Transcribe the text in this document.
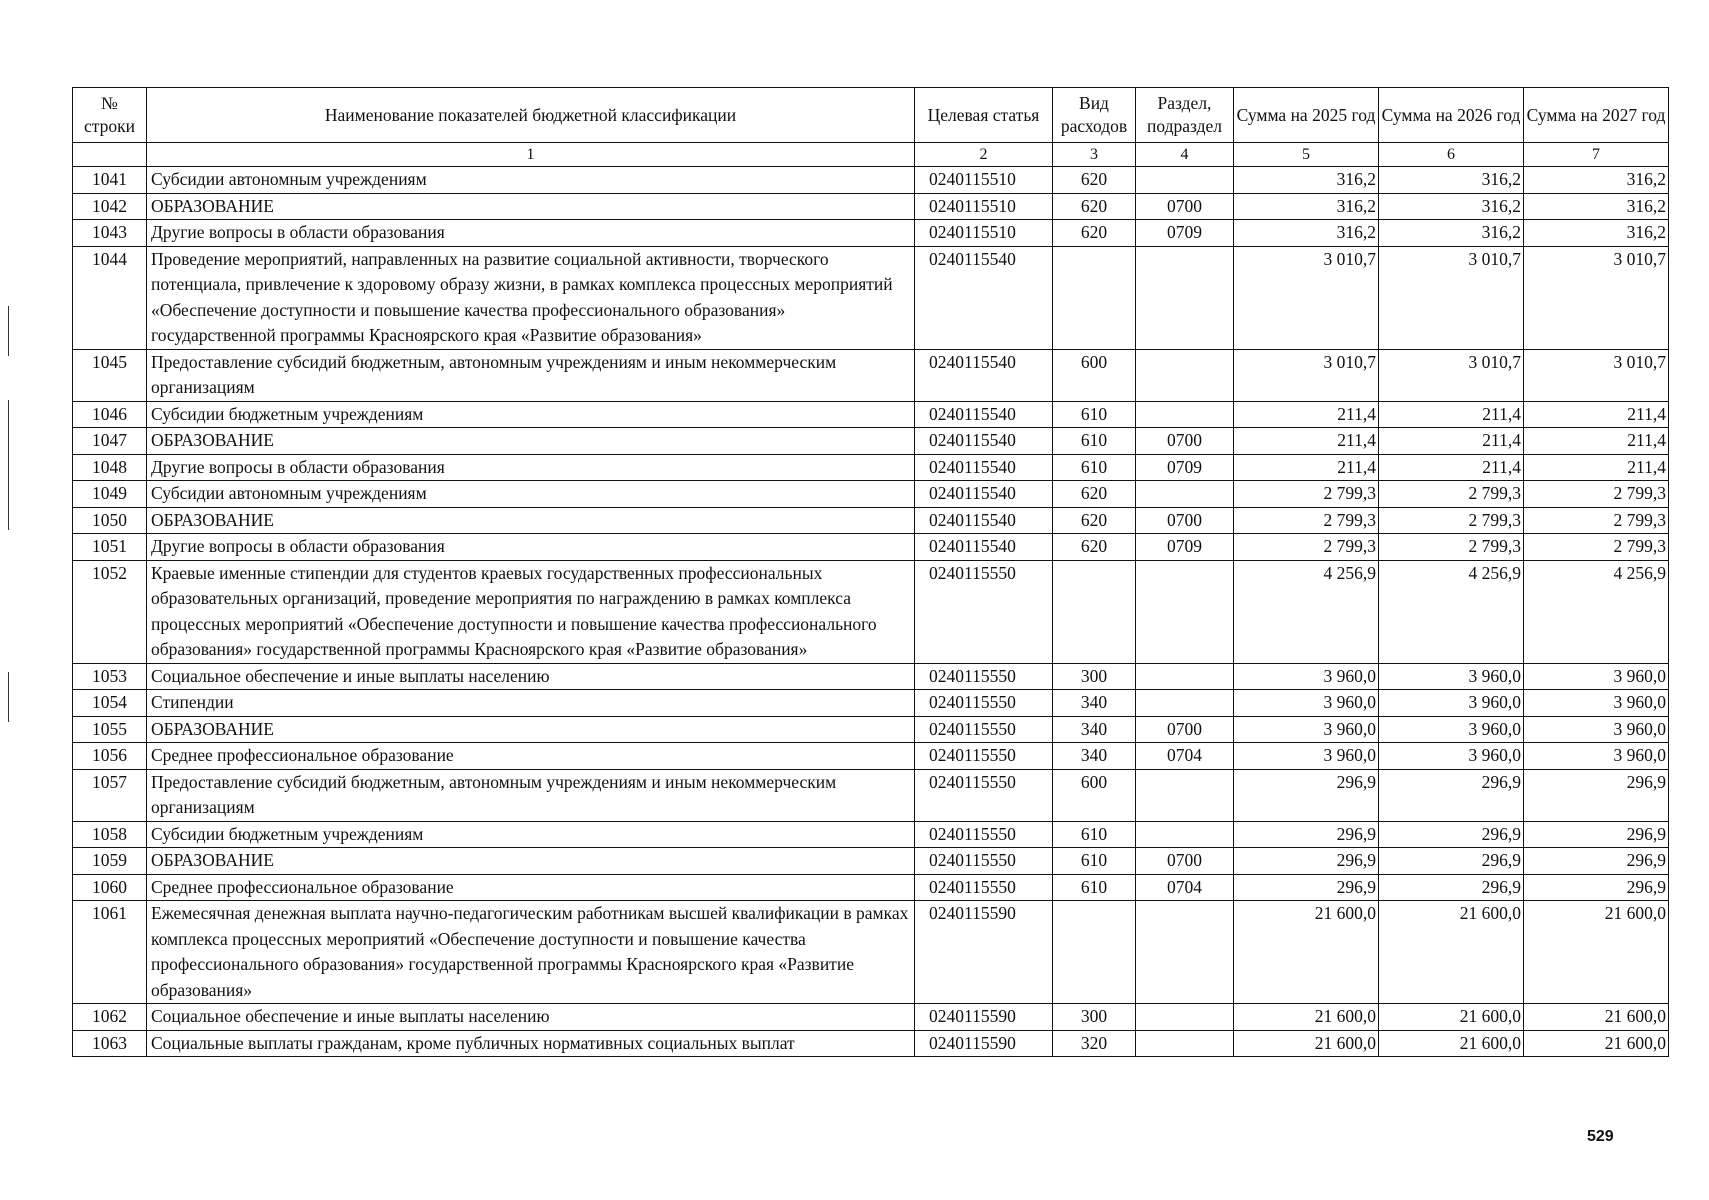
№ строки	Наименование показателей бюджетной классификации	Целевая статья	Вид расходов	Раздел, подраздел	Сумма на 2025 год	Сумма на 2026 год	Сумма на 2027 год
	1	2	3	4	5	6	7
1041	Субсидии автономным учреждениям	0240115510	620		316,2	316,2	316,2
1042	ОБРАЗОВАНИЕ	0240115510	620	0700	316,2	316,2	316,2
1043	Другие вопросы в области образования	0240115510	620	0709	316,2	316,2	316,2
1044	Проведение мероприятий, направленных на развитие социальной активности, творческого потенциала, привлечение к здоровому образу жизни, в рамках комплекса процессных мероприятий «Обеспечение доступности и повышение качества профессионального образования» государственной программы Красноярского края «Развитие образования»	0240115540			3 010,7	3 010,7	3 010,7
1045	Предоставление субсидий бюджетным, автономным учреждениям и иным некоммерческим организациям	0240115540	600		3 010,7	3 010,7	3 010,7
1046	Субсидии бюджетным учреждениям	0240115540	610		211,4	211,4	211,4
1047	ОБРАЗОВАНИЕ	0240115540	610	0700	211,4	211,4	211,4
1048	Другие вопросы в области образования	0240115540	610	0709	211,4	211,4	211,4
1049	Субсидии автономным учреждениям	0240115540	620		2 799,3	2 799,3	2 799,3
1050	ОБРАЗОВАНИЕ	0240115540	620	0700	2 799,3	2 799,3	2 799,3
1051	Другие вопросы в области образования	0240115540	620	0709	2 799,3	2 799,3	2 799,3
1052	Краевые именные стипендии для студентов краевых государственных профессиональных образовательных организаций, проведение мероприятия по награждению в рамках комплекса процессных мероприятий «Обеспечение доступности и повышение качества профессионального образования» государственной программы Красноярского края «Развитие образования»	0240115550			4 256,9	4 256,9	4 256,9
1053	Социальное обеспечение и иные выплаты населению	0240115550	300		3 960,0	3 960,0	3 960,0
1054	Стипендии	0240115550	340		3 960,0	3 960,0	3 960,0
1055	ОБРАЗОВАНИЕ	0240115550	340	0700	3 960,0	3 960,0	3 960,0
1056	Среднее профессиональное образование	0240115550	340	0704	3 960,0	3 960,0	3 960,0
1057	Предоставление субсидий бюджетным, автономным учреждениям и иным некоммерческим организациям	0240115550	600		296,9	296,9	296,9
1058	Субсидии бюджетным учреждениям	0240115550	610		296,9	296,9	296,9
1059	ОБРАЗОВАНИЕ	0240115550	610	0700	296,9	296,9	296,9
1060	Среднее профессиональное образование	0240115550	610	0704	296,9	296,9	296,9
1061	Ежемесячная денежная выплата научно-педагогическим работникам высшей квалификации в рамках комплекса процессных мероприятий «Обеспечение доступности и повышение качества профессионального образования» государственной программы Красноярского края «Развитие образования»	0240115590			21 600,0	21 600,0	21 600,0
1062	Социальное обеспечение и иные выплаты населению	0240115590	300		21 600,0	21 600,0	21 600,0
1063	Социальные выплаты гражданам, кроме публичных нормативных социальных выплат	0240115590	320		21 600,0	21 600,0	21 600,0
529
